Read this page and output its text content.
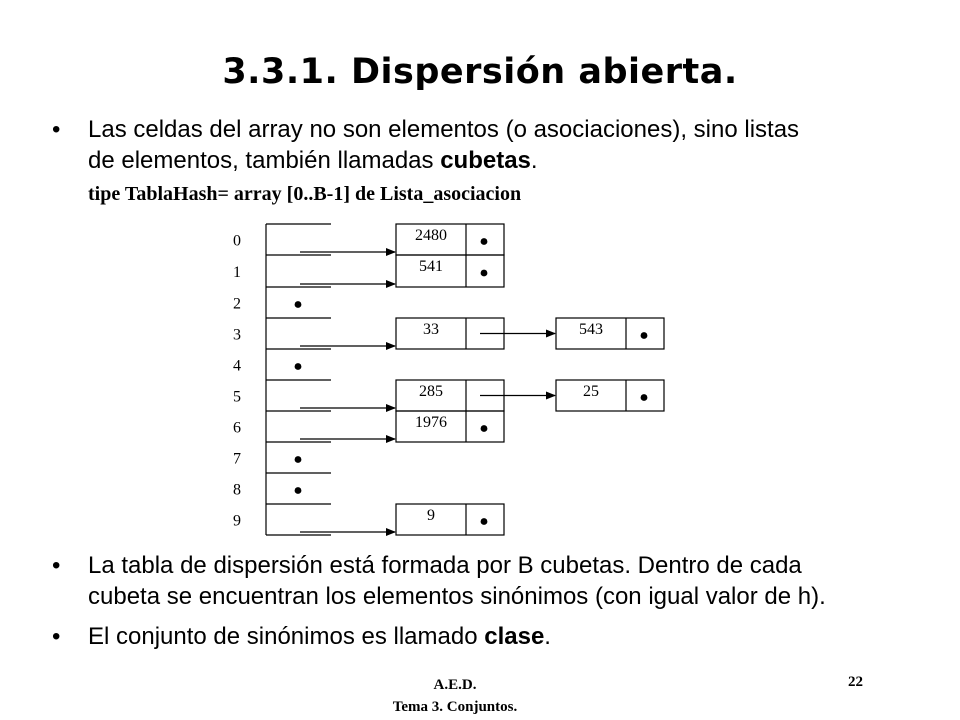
3.3.1. Dispersión abierta.
• Las celdas del array no son elementos (o asociaciones), sino listas
de elementos, también llamadas cubetas.
tipe TablaHash= array [0..B-1] de Lista_asociacion
0
1
2
3
4
5
6
7
8
9
2480
541
33	543
285	25
1976
9
• La tabla de dispersión está formada por B cubetas. Dentro de cada
cubeta se encuentran los elementos sinónimos (con igual valor de h).
• El conjunto de sinónimos es llamado clase.
A.E.D.
Tema 3. Conjuntos.
22
